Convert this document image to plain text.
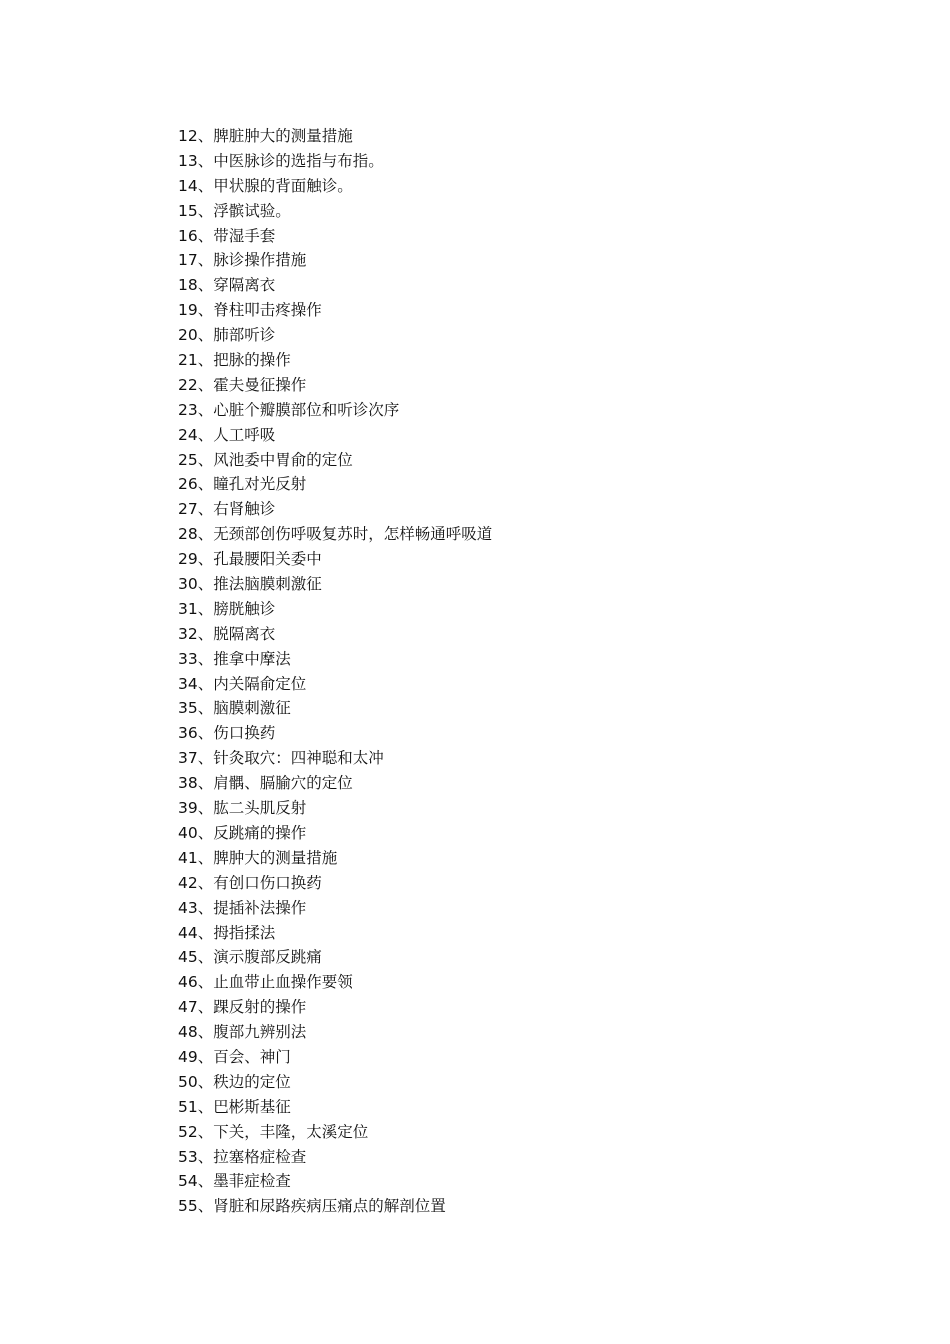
12、脾脏肿大的测量措施
13、中医脉诊的选指与布指。
14、甲状腺的背面触诊。
15、浮髌试验。
16、带湿手套
17、脉诊操作措施
18、穿隔离衣
19、脊柱叩击疼操作
20、肺部听诊
21、把脉的操作
22、霍夫曼征操作
23、心脏个瓣膜部位和听诊次序
24、人工呼吸
25、风池委中胃俞的定位
26、瞳孔对光反射
27、右肾触诊
28、无颈部创伤呼吸复苏时，怎样畅通呼吸道
29、孔最腰阳关委中
30、推法脑膜刺激征
31、膀胱触诊
32、脱隔离衣
33、推拿中摩法
34、内关隔俞定位
35、脑膜刺激征
36、伤口换药
37、针灸取穴：四神聪和太冲
38、肩髃、膈腧穴的定位
39、肱二头肌反射
40、反跳痛的操作
41、脾肿大的测量措施
42、有创口伤口换药
43、提插补法操作
44、拇指揉法
45、演示腹部反跳痛
46、止血带止血操作要领
47、踝反射的操作
48、腹部九辨别法
49、百会、神门
50、秩边的定位
51、巴彬斯基征
52、下关，丰隆，太溪定位
53、拉塞格症检查
54、墨菲症检查
55、肾脏和尿路疾病压痛点的解剖位置
